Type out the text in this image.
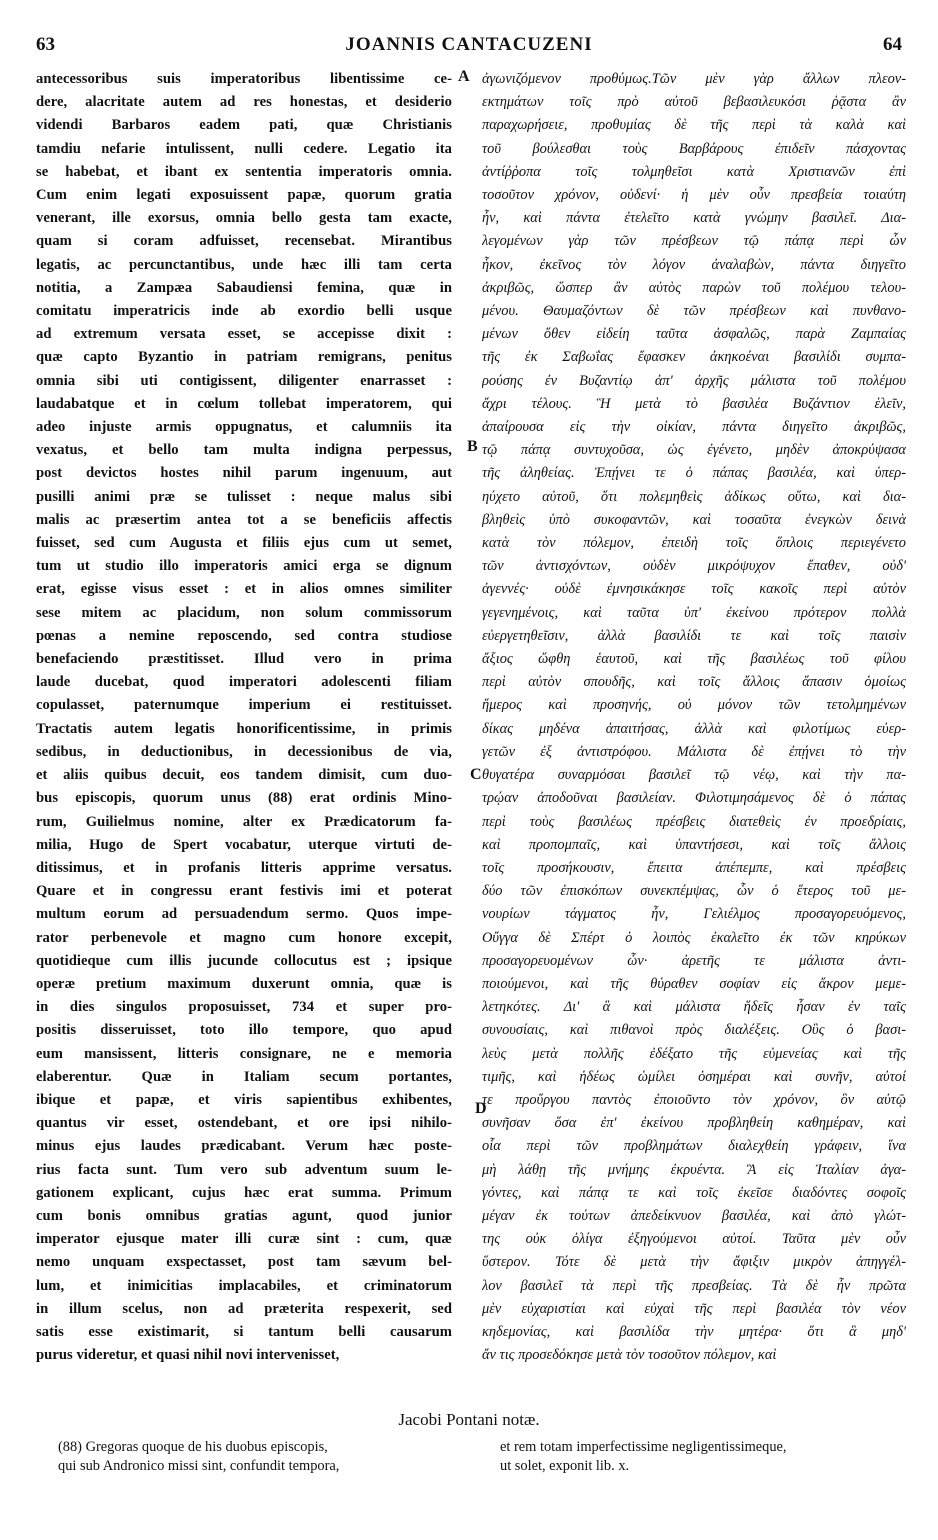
63	JOANNIS CANTACUZENI	64
antecessoribus suis imperatoribus libentissime ce-
dere, alacritate autem ad res honestas, et desiderio
videndi Barbaros eadem pati, quæ Christianis
tamdiu nefarie intulissent, nulli cedere. Legatio ita
se habebat, et ibant ex sententia imperatoris omnia.
Cum enim legati exposuissent papæ, quorum gratia
venerant, ille exorsus, omnia bello gesta tam exacte,
quam si coram adfuisset, recensebat. Mirantibus
legatis, ac percunctantibus, unde hæc illi tam certa
notitia, a Zampæa Sabaudiensi femina, quæ in
comitatu imperatricis inde ab exordio belli usque
ad extremum versata esset, se accepisse dixit :
quæ capto Byzantio in patriam remigrans, penitus
omnia sibi uti contigissent, diligenter enarrasset :
laudabatque et in cœlum tollebat imperatorem, qui
adeo injuste armis oppugnatus, et calumniis ita
vexatus, et bello tam multa indigna perpessus,
post devictos hostes nihil parum ingenuum, aut
pusilli animi præ se tulisset : neque malus sibi
malis ac præsertim antea tot a se beneficiis affectis
fuisset, sed cum Augusta et filiis ejus cum ut semet,
tum ut studio illo imperatoris amici erga se dignum
erat, egisse visus esset : et in alios omnes similiter
sese mitem ac placidum, non solum commissorum
pœnas a nemine reposcendo, sed contra studiose
benefaciendo præstitisset. Illud vero in prima
laude ducebat, quod imperatori adolescenti filiam
copulasset, paternumque imperium ei restituisset.
Tractatis autem legatis honorificentissime, in primis
sedibus, in deductionibus, in decessionibus de via,
et aliis quibus decuit, eos tandem dimisit, cum duo-
bus episcopis, quorum unus (88) erat ordinis Mino-
rum, Guilielmus nomine, alter ex Prædicatorum fa-
milia, Hugo de Spert vocabatur, uterque virtuti de-
ditissimus, et in profanis litteris apprime versatus.
Quare et in congressu erant festivis imi et poterat
multum eorum ad persuadendum sermo. Quos impe-
rator perbenevole et magno cum honore excepit,
quotidieque cum illis jucunde collocutus est ; ipsique
operæ pretium maximum duxerunt omnia, quæ is
in dies singulos proposuisset, 734 et super pro-
positis disseruisset, toto illo tempore, quo apud
eum mansissent, litteris consignare, ne e memoria
elaberentur. Quæ in Italiam secum portantes,
ibique et papæ, et viris sapientibus exhibentes,
quantus vir esset, ostendebant, et ore ipsi nihilo-
minus ejus laudes prædicabant. Verum hæc poste-
rius facta sunt. Tum vero sub adventum suum le-
gationem explicant, cujus hæc erat summa. Primum
cum bonis omnibus gratias agunt, quod junior
imperator ejusque mater illi curæ sint : cum, quæ
nemo unquam exspectasset, post tam sævum bel-
lum, et inimicitias implacabiles, et criminatorum
in illum scelus, non ad præterita respexerit, sed
satis esse existimarit, si tantum belli causarum
purus videretur, et quasi nihil novi intervenisset,
ἀγωνιζόμενον προθύμως.Τῶν μὲν γὰρ ἄλλων πλεον-
εκτημάτων τοῖς πρὸ αὐτοῦ βεβασιλευκόσι ῥᾷστα ἂν
παραχωρήσειε, προθυμίας δὲ τῆς περὶ τὰ καλὰ καὶ
τοῦ βούλεσθαι τοὺς Βαρβάρους ἐπιδεῖν πάσχοντας
ἀντίῤῥοπα τοῖς τολμηθεῖσι κατὰ Χριστιανῶν ἐπὶ
τοσοῦτον χρόνον, οὐδενί· ἡ μὲν οὖν πρεσβεία τοιαύτη
ἦν, καὶ πάντα ἐτελεῖτο κατὰ γνώμην βασιλεῖ. Δια-
λεγομένων γὰρ τῶν πρέσβεων τῷ πάπᾳ περὶ ὧν
ἧκον, ἐκεῖνος τὸν λόγον ἀναλαβὼν, πάντα διηγεῖτο
ἀκριβῶς, ὥσπερ ἂν αὐτὸς παρὼν τοῦ πολέμου τελου-
μένου. Θαυμαζόντων δὲ τῶν πρέσβεων καὶ πυνθανο-
μένων ὅθεν εἰδείη ταῦτα ἀσφαλῶς, παρὰ Ζαμπαίας
τῆς ἐκ Σαβωΐας ἔφασκεν ἀκηκοέναι βασιλίδι συμπα-
ρούσης ἐν Βυζαντίῳ ἀπ' ἀρχῆς μάλιστα τοῦ πολέμου
ἄχρι τέλους. Ἣ μετὰ τὸ βασιλέα Βυζάντιον ἑλεῖν,
ἀπαίρουσα εἰς τὴν οἰκίαν, πάντα διηγεῖτο ἀκριβῶς,
τῷ πάπᾳ συντυχοῦσα, ὡς ἐγένετο, μηδὲν ἀποκρύψασα
τῆς ἀληθείας. Ἐπῄνει τε ὁ πάπας βασιλέα, καὶ ὑπερ-
ηύχετο αὐτοῦ, ὅτι πολεμηθεὶς ἀδίκως οὕτω, καὶ δια-
βληθεὶς ὑπὸ συκοφαντῶν, καὶ τοσαῦτα ἐνεγκὼν δεινὰ
κατὰ τὸν πόλεμον, ἐπειδὴ τοῖς ὅπλοις περιεγένετο
τῶν ἀντισχόντων, οὐδὲν μικρόψυχον ἔπαθεν, οὐδ'
ἀγεννές· οὐδὲ ἐμνησικάκησε τοῖς κακοῖς περὶ αὐτὸν
γεγενημένοις, καὶ ταῦτα ὑπ' ἐκείνου πρότερον πολλὰ
εὐεργετηθεῖσιν, ἀλλὰ βασιλίδι τε καὶ τοῖς παισὶν
ἄξιος ὤφθη ἑαυτοῦ, καὶ τῆς βασιλέως τοῦ φίλου
περὶ αὐτὸν σπουδῆς, καὶ τοῖς ἄλλοις ἅπασιν ὁμοίως
ἥμερος καὶ προσηνής, οὐ μόνον τῶν τετολμημένων
δίκας μηδένα ἀπαιτήσας, ἀλλὰ καὶ φιλοτίμως εὐερ-
γετῶν ἐξ ἀντιστρόφου. Μάλιστα δὲ ἐπῄνει τὸ τὴν
θυγατέρα συναρμόσαι βασιλεῖ τῷ νέῳ, καὶ τὴν πα-
τρῴαν ἀποδοῦναι βασιλείαν. Φιλοτιμησάμενος δὲ ὁ πάπας
περὶ τοὺς βασιλέως πρέσβεις διατεθεὶς ἐν προεδρίαις,
καὶ προπομπαῖς, καὶ ὑπαντήσεσι, καὶ τοῖς ἄλλοις
τοῖς προσήκουσιν, ἔπειτα ἀπέπεμπε, καὶ πρέσβεις
δύο τῶν ἐπισκόπων συνεκπέμψας, ὧν ὁ ἕτερος τοῦ με-
νουρίων τάγματος ἦν, Γελιέλμος προσαγορευόμενος,
Οὔγγα δὲ Σπέρτ ὁ λοιπὸς ἐκαλεῖτο ἐκ τῶν κηρύκων
προσαγορευομένων ὧν· ἀρετῆς τε μάλιστα ἀντι-
ποιούμενοι, καὶ τῆς θύραθεν σοφίαν εἰς ἄκρον μεμε-
λετηκότες. Δι' ἃ καὶ μάλιστα ἥδεῖς ἦσαν ἐν ταῖς
συνουσίαις, καὶ πιθανοὶ πρὸς διαλέξεις. Οὓς ὁ βασι-
λεὺς μετὰ πολλῆς ἐδέξατο τῆς εὐμενείας καὶ τῆς
τιμῆς, καὶ ἡδέως ὡμίλει ὁσημέραι καὶ συνῆν, αὐτοί
τε προὔργου παντὸς ἐποιοῦντο τὸν χρόνον, ὃν αὐτῷ
συνῆσαν ὅσα ἐπ' ἐκείνου προβληθείη καθημέραν, καὶ
οἷα περὶ τῶν προβλημάτων διαλεχθείη γράφειν, ἵνα
μὴ λάθῃ τῆς μνήμης ἐκρυέντα. Ἃ εἰς Ἰταλίαν ἀγα-
γόντες, καὶ πάπᾳ τε καὶ τοῖς ἐκεῖσε διαδόντες σοφοῖς
μέγαν ἐκ τούτων ἀπεδείκνυον βασιλέα, καὶ ἀπὸ γλώτ-
της οὐκ ὀλίγα ἐξηγούμενοι αὐτοί. Ταῦτα μὲν οὖν
ὕστερον. Τότε δὲ μετὰ τὴν ἄφιξιν μικρὸν ἀπηγγέλ-
λον βασιλεῖ τὰ περὶ τῆς πρεσβείας. Τὰ δὲ ἦν πρῶτα
μὲν εὐχαριστίαι καὶ εὐχαὶ τῆς περὶ βασιλέα τὸν νέον
κηδεμονίας, καὶ βασιλίδα τὴν μητέρα· ὅτι ἃ μηδ'
ἄν τις προσεδόκησε μετὰ τὸν τοσοῦτον πόλεμον, καὶ
A
B
C
D
Jacobi Pontani notæ.
(88) Gregoras quoque de his duobus episcopis,
qui sub Andronico missi sint, confundit tempora,
et rem totam imperfectissime negligentissimeque,
ut solet, exponit lib. x.
